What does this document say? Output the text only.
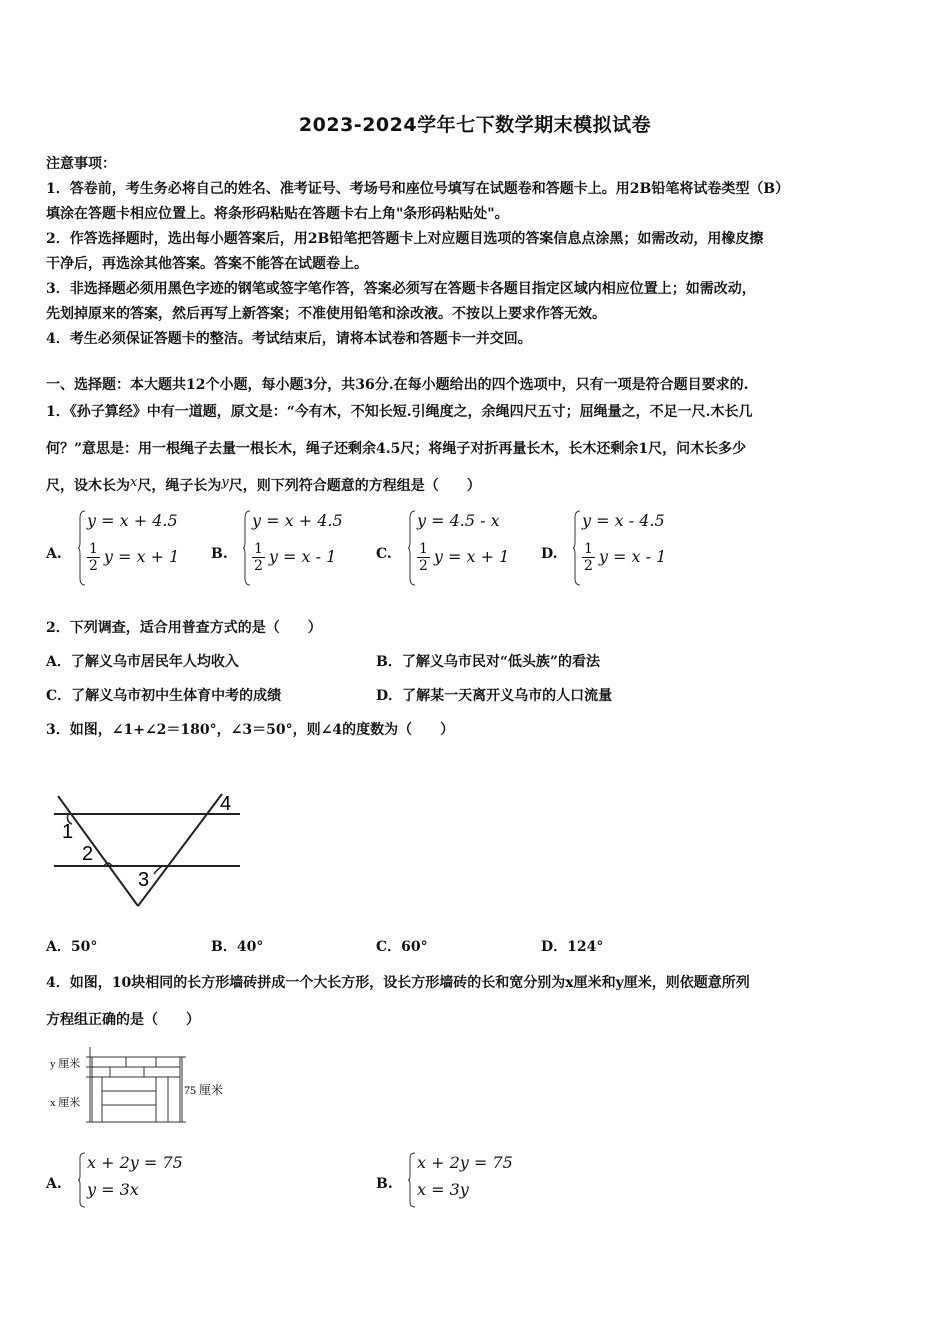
2023-2024学年七下数学期末模拟试卷
注意事项：
1．答卷前，考生务必将自己的姓名、准考证号、考场号和座位号填写在试题卷和答题卡上。用2B铅笔将试卷类型（B）
填涂在答题卡相应位置上。将条形码粘贴在答题卡右上角"条形码粘贴处"。
2．作答选择题时，选出每小题答案后，用2B铅笔把答题卡上对应题目选项的答案信息点涂黑；如需改动，用橡皮擦
干净后，再选涂其他答案。答案不能答在试题卷上。
3．非选择题必须用黑色字迹的钢笔或签字笔作答，答案必须写在答题卡各题目指定区域内相应位置上；如需改动，
先划掉原来的答案，然后再写上新答案；不准使用铅笔和涂改液。不按以上要求作答无效。
4．考生必须保证答题卡的整洁。考试结束后，请将本试卷和答题卡一并交回。
一、选择题：本大题共12个小题，每小题3分，共36分.在每小题给出的四个选项中，只有一项是符合题目要求的.
1．《孙子算经》中有一道题，原文是：“今有木，不知长短.引绳度之，余绳四尺五寸；屈绳量之，不足一尺.木长几
何？”意思是：用一根绳子去量一根长木，绳子还剩余4.5尺；将绳子对折再量长木，长木还剩余1尺，问木长多少
尺，设木长为x尺，绳子长为y尺，则下列符合题意的方程组是（　　）
A.
y = x + 4.5
$\frac{1}{2}$ y = x + 1 B.
y = x + 4.5
$\frac{1}{2}$ y = x - 1	C.
y = 4.5 - x
$\frac{1}{2}$ y = x + 1 D.
y = x - 4.5
$\frac{1}{2}$ y = x - 1
2．下列调查，适合用普查方式的是（　　）
A．了解义乌市居民年人均收入	B．了解义乌市民对“低头族”的看法
C．了解义乌市初中生体育中考的成绩	D．了解某一天离开义乌市的人口流量
3．如图，∠1+∠2＝180°，∠3＝50°，则∠4的度数为（　　）
1
2
3
4
A．50°	B．40°	C．60°	D．124°
4．如图，10块相同的长方形墙砖拼成一个大长方形，设长方形墙砖的长和宽分别为x厘米和y厘米，则依题意所列
方程组正确的是（　　）
y 厘米
x 厘米
75 厘米
A.
x + 2y = 75
y = 3x	B.
x + 2y = 75
x = 3y
